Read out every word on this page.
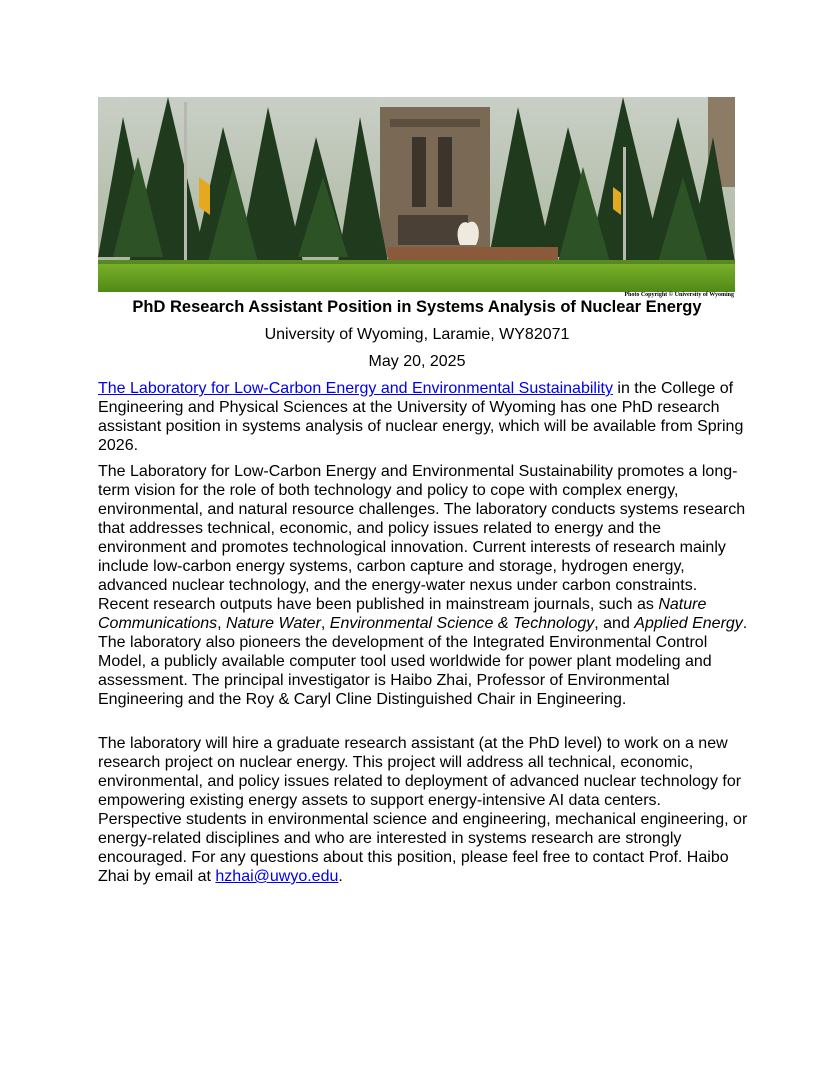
Photo Copyright © University of Wyoming
PhD Research Assistant Position in Systems Analysis of Nuclear Energy
University of Wyoming, Laramie, WY82071
May 20, 2025

The Laboratory for Low-Carbon Energy and Environmental Sustainability in the College of Engineering and Physical Sciences at the University of Wyoming has one PhD research assistant position in systems analysis of nuclear energy, which will be available from Spring 2026.

The Laboratory for Low-Carbon Energy and Environmental Sustainability promotes a long-term vision for the role of both technology and policy to cope with complex energy, environmental, and natural resource challenges. The laboratory conducts systems research that addresses technical, economic, and policy issues related to energy and the environment and promotes technological innovation. Current interests of research mainly include low-carbon energy systems, carbon capture and storage, hydrogen energy, advanced nuclear technology, and the energy-water nexus under carbon constraints. Recent research outputs have been published in mainstream journals, such as Nature Communications, Nature Water, Environmental Science & Technology, and Applied Energy. The laboratory also pioneers the development of the Integrated Environmental Control Model, a publicly available computer tool used worldwide for power plant modeling and assessment. The principal investigator is Haibo Zhai, Professor of Environmental Engineering and the Roy & Caryl Cline Distinguished Chair in Engineering.

The laboratory will hire a graduate research assistant (at the PhD level) to work on a new research project on nuclear energy. This project will address all technical, economic, environmental, and policy issues related to deployment of advanced nuclear technology for empowering existing energy assets to support energy-intensive AI data centers. Perspective students in environmental science and engineering, mechanical engineering, or energy-related disciplines and who are interested in systems research are strongly encouraged. For any questions about this position, please feel free to contact Prof. Haibo Zhai by email at hzhai@uwyo.edu.
